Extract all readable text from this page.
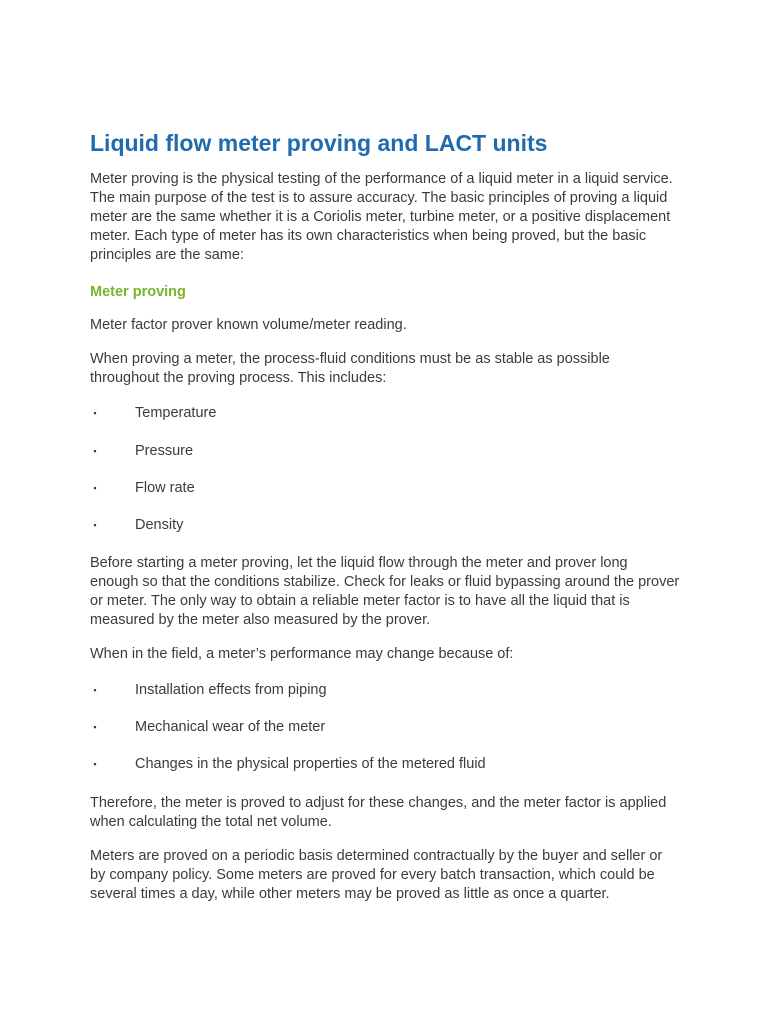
Liquid flow meter proving and LACT units

Meter proving is the physical testing of the performance of a liquid meter in a liquid service. The main purpose of the test is to assure accuracy. The basic principles of proving a liquid meter are the same whether it is a Coriolis meter, turbine meter, or a positive displacement meter. Each type of meter has its own characteristics when being proved, but the basic principles are the same:

Meter proving

Meter factor prover known volume/meter reading.

When proving a meter, the process-fluid conditions must be as stable as possible throughout the proving process. This includes:

▪	Temperature
▪	Pressure
▪	Flow rate
▪	Density

Before starting a meter proving, let the liquid flow through the meter and prover long enough so that the conditions stabilize. Check for leaks or fluid bypassing around the prover or meter. The only way to obtain a reliable meter factor is to have all the liquid that is measured by the meter also measured by the prover.

When in the field, a meter’s performance may change because of:

▪	Installation effects from piping
▪	Mechanical wear of the meter
▪	Changes in the physical properties of the metered fluid

Therefore, the meter is proved to adjust for these changes, and the meter factor is applied when calculating the total net volume.

Meters are proved on a periodic basis determined contractually by the buyer and seller or by company policy. Some meters are proved for every batch transaction, which could be several times a day, while other meters may be proved as little as once a quarter.
